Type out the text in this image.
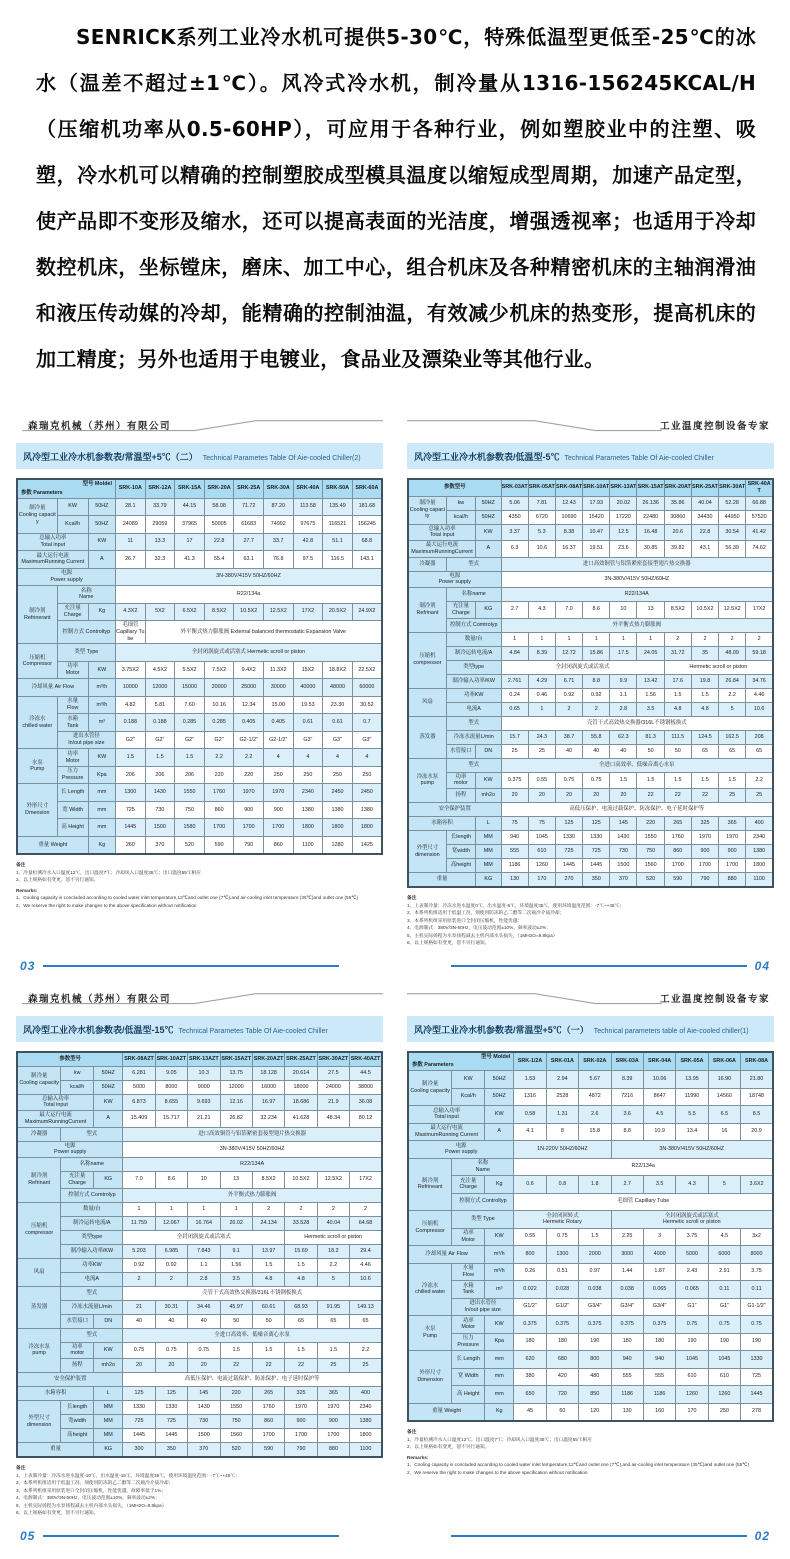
SENRICK系列工业冷水机可提供5-30℃，特殊低温型更低至-25℃的冰水（温差不超过±1℃）。风冷式冷水机，制冷量从1316-156245KCAL/H（压缩机功率从0.5-60HP），可应用于各种行业，例如塑胶业中的注塑、吸塑，冷水机可以精确的控制塑胶成型模具温度以缩短成型周期，加速产品定型，使产品即不变形及缩水，还可以提高表面的光洁度，增强透视率；也适用于冷却数控机床，坐标镗床，磨床、加工中心，组合机床及各种精密机床的主轴润滑油和液压传动媒的冷却，能精确的控制油温，有效减少机床的热变形，提高机床的加工精度；另外也适用于电镀业，食品业及漂染业等其他行业。
森瑞克机械（苏州）有限公司
风冷型工业冷水机参数表/常温型+5℃（二） Technical Parametes Table Of Aie-cooled Chiller(2)
型号 Moldel
参数 Parameters			SRK-10A	SRK-12A	SRK-15A	SRK-20A	SRK-25A	SRK-30A	SRK-40A	SRK-50A	SRK-60A
制冷量
Cooling capacity	KW	50HZ	28.1	33.79	44.15	58.08	71.72	87.20	113.58	135.49	181.68
	Kcal/h	50HZ	24089	29059	37965	50005	61683	74992	97675	116521	156245
总输入功率
Total input		KW	11	13.3	17	22.8	27.7	33.7	42.8	51.1	68.8
最大运行电流
MaximumRunning Current		A	26.7	32.3	41.3	55.4	63.1	76.8	97.5	116.5	143.1
电源
Power supply			3N-380V/415V 50HZ/60HZ								
制冷剂
Refrinerant	名称
Name		R22/134a								
	充注量
Charge	Kg	4.3X2	5X2	6.5X2	8.5X2	10.5X2	12.5X2	17X2	20.5X2	24.9X2
	控制方式 Controltyp		毛细管
Capillary Tube	外平衡式热力膨胀阀 External balanced thermostatic Expansion Valve							
压缩机
Compressor	类型 Type		全封闭涡旋式或活塞式 Hermetic scroll or piston								
	功率
Motor	KW	3.75X2	4.5X2	5.5X2	7.5X2	9.4X2	11.3X2	15X2	18.8X2	22.5X2
冷却风量 Air Flow		m³/h	10000	12000	15000	20000	25000	30000	40000	48000	60000
冷冻水
chilled water	水量
Flow	m³/h	4.82	5.81	7.60	10.16	12.34	15.00	19.53	23.30	30.52
	水箱
Tank	m³	0.188	0.188	0.285	0.285	0.405	0.405	0.61	0.61	0.7
	进出水管径
In/out pipe size		G2"	G2"	G2"	G2"	G2-1/2"	G2-1/2"	G3"	G3"	G3"
水泵
Pump	功率
Motor	KW	1.5	1.5	1.5	2.2	2.2	4	4	4	4
	压力
Pressure	Kpa	206	206	206	220	220	250	250	250	250
外形尺寸
Dmension	长 Length	mm	1300	1430	1550	1760	1970	1970	2340	2450	2450
	宽 Width	mm	725	730	750	860	900	900	1380	1380	1380
	高 Height	mm	1445	1500	1580	1700	1700	1700	1800	1800	1800
重量 Weight		Kg	260	370	520	590	790	860	1100	1280	1425
备注
1、冷量检测冷水入口温度12℃，出口温度7℃；冷却风入口温度35℃；出口温度55℃相应
2、以上规格如有变更，恕不另行通知。
Remarks:
1、Cooling capacity is concluded according to cooled water inlet temperature,12℃and outlet one (7℃),and air-cooling inlet temperature (35℃)and outlet one (55℃)
2、We reserve the right to make changes to the above specification without notification
03
工业温度控制设备专家
风冷型工业冷水机参数表/低温型-5℃ Technical Parametes Table Of Aie-cooled Chiller
参数型号			SRK-03AT	SRK-05AT	SRK-08AT	SRK-10AT	SRK-13AT	SRK-15AT	SRK-20AT	SRK-25AT	SRK-30AT	SRK-40AT
制冷量
Cooling capacity	kw	50HZ	5.06	7.81	12.43	17.93	20.02	26.136	35.86	40.04	52.28	66.88
	kcal/h	50HZ	4350	6720	10690	15420	17220	22480	30860	34430	44950	57520
总输入功率
Total input		KW	3.37	5.3	8.38	10.47	12.5	16.48	20.6	22.8	30.54	41.42
最大运行电流
MaximumRunningCurrent		A	6.3	10.6	16.37	19.51	23.6	30.85	39.82	43.1	56.39	74.62
冷凝器	型式		进口高效铜管与铝箔紧密套接型翅片热交换器									
电源
Power supply			3N-380V/415V 50HZ/60HZ									
制冷剂
Refrinant	名称name		R22/134A									
	充注量
Charge	KG	2.7	4.3	7.0	8.6	10	13	8.5X2	10.5X2	12.5X2	17X2
	控制方式 Comtrolyp		外平衡式热力膨胀阀									
压缩机
compressor	数量/台		1	1	1	1	1	1	2	2	2	2
	制冷运转电流/A		4.84	8.39	12.72	15.86	17.5	24.05	31.72	35	48.09	59.18
	类型type		全封闭涡旋式或活塞式						Hermetic scroll or piston			
	制冷输入功率/KW		2.761	4.29	6.71	8.8	9.9	13.42	17.6	19.8	26.84	34.76
风扇	功率KW		0.24	0.46	0.92	0.92	1.1	1.56	1.5	1.5	2.2	4.46
	电流A		0.65	1	2	2	2.8	3.5	4.8	4.8	5	10.6
蒸发器	型式		壳管干式高效热交换器/316L不锈钢板换式									
	冷冻水流量L/min		15.7	24.3	38.7	55.8	62.3	81.3	111.5	124.5	162.5	208
	水管接口	DN	25	25	40	40	40	50	50	65	65	65
冷冻水泵
pump	型式		全进口高效率、低噪音离心水泵									
	功率
motor	KW	0.375	0.55	0.75	0.75	1.5	1.5	1.5	1.5	1.5	2.2
	扬程	mh2o	20	20	20	20	20	22	22	22	25	25
安全保护装置			高低压保护、电流过载保护、防冻保护、电子延时保护等									
水箱容积		L	75	75	125	125	145	220	265	325	365	400
外型尺寸
dimension	长length	MM	940	1045	1330	1330	1430	1550	1760	1970	1970	2340
	宽width	MM	555	610	725	725	730	750	860	900	900	1380
	高height	MM	1186	1260	1445	1445	1500	1560	1700	1700	1700	1800
重量		KG	130	170	270	350	370	520	590	790	880	1100
备注
1、上表制冷量：冷冻水进水温度0℃，出水温度-5℃，环境温度35℃，使用环境温度范围：-7℃~+45℃；
2、本系列机组适用于低温工况，须使用防冻的乙二醇等二次载冷介质冷却；
3、本系列机组采用原装进口全封闭压缩机，性能优越；
4、电源制式：380V/3N-50Hz，电压波动范围±10%，频率波动±2%；
5、主机实际扬程为水泵扬程减去主机内部水头损失，（1MH2O=9.8kpa）
6、以上规格如有变更，恕不另行通知。
04
森瑞克机械（苏州）有限公司
风冷型工业冷水机参数表/低温型-15℃ Technical Parametes Table Of Aie-cooled Chiller
参数型号			SRK-08AZT	SRK-10AZT	SRK-13AZT	SRK-15AZT	SRK-20AZT	SRK-25AZT	SRK-30AZT	SRK-40AZT
制冷量
Cooling capacity	kw	50HZ	6.281	9.05	10.3	13.75	18.128	20.614	27.5	44.5
	kcal/h	50HZ	5000	8000	9000	12000	16000	18000	24000	38000
总输入功率
Total input		KW	6.873	8.655	9.693	12.16	16.97	18.686	21.9	36.08
最大运行电流
MaximumRunningCurrent		A	15.409	15.717	21.21	26.82	32.234	41.628	48.34	80.12
冷凝器	型式		进口高效铜管与铝箔紧密套接型翅片热交换器							
电源
Power supply			3N-380V/415V 50HZ/60HZ							
制冷剂
Refrinant	名称name		R22/134A							
	充注量
Charge	KG	7.0	8.6	10	13	8.5X2	10.5X2	12.5X2	17X2
	控制方式 Comtrolyp		外平衡式热力膨胀阀							
压缩机
compressor	数量/台		1	1	1	1	2	2	2	2
	制冷运转电流/A		11.759	12.067	16.764	20.02	24.134	33.528	40.04	64.68
	类型type		全封闭涡旋式或活塞式					Hermetic scroll or piston		
	制冷输入功率/KW		5.203	6.985	7.843	9.1	13.97	15.69	18.2	29.4
风扇	功率KW		0.92	0.92	1.1	1.56	1.5	1.5	2.2	4.46
	电流A		2	2	2.8	3.5	4.8	4.8	5	10.6
蒸发器	型式		壳管干式高效热交换器/316L不锈钢板换式							
	冷冻水流量L/min		21	30.31	34.46	45.97	60.61	68.93	91.95	149.13
	水管接口	DN	40	40	40	50	50	65	65	65
冷冻水泵
pump	型式		全进口高效率、低噪音离心水泵							
	功率
motor	KW	0.75	0.75	0.75	1.5	1.5	1.5	1.5	2.2
	扬程	mh2o	20	20	20	22	22	22	25	25
安全保护装置			高低压保护、电流过载保护、防冻保护、电子延时保护等							
水箱容积		L	125	125	145	220	265	325	365	400
外型尺寸
dimension	长length	MM	1330	1330	1430	1550	1760	1970	1970	2340
	宽width	MM	725	725	730	750	860	900	900	1380
	高height	MM	1445	1445	1500	1560	1700	1700	1700	1800
重量		KG	300	350	370	520	590	790	880	1100
备注
1、上表制冷量：冷冻水进水温度-10℃，出水温度-15℃，环境温度35℃，使用环境温度范围：-7℃~+45℃；
2、本系列机组适用于低温工况，须使用防冻的乙二醇等二次载冷介质冷却；
3、本系列机组采用原装进口全封闭压缩机，性能优越，故障率低于1%；
4、电源制式：380V/3N-50Hz，电压波动范围±10%，频率波动±2%；
5、主机实际扬程为水泵扬程减去主机内部水头损失，（1MH2O=9.8kpa）
6、以上规格如有变更，恕不另行通知。
05
工业温度控制设备专家
风冷型工业冷水机参数表/常温型+5℃（一） Technical parameters table of Aie-cooled chiller(1)
型号 Moldel
参数 Parameters			SRK-1/2A	SRK-01A	SRK-02A	SRK-03A	SRK-04A	SRK-05A	SRK-06A	SRK-08A
制冷量
Cooling capacity	KW	50HZ	1.53	2.94	5.67	8.39	10.06	13.95	16.90	21.80
	Kcal/h	50HZ	1316	2528	4872	7216	8647	11990	14560	18748
总输入功率
Total input		KW	0.58	1.31	2.6	3.6	4.5	5.5	6.5	8.5
最大运行电流
MaximumRunning Current		A	4.1	8	15.8	8.8	10.9	13.4	16	20.9
电源
Power supply			1N-220V 50HZ/60HZ			3N-380V/415V 50HZ/60HZ				
制冷剂
Refrineant	名称
Name		R22/134a							
	充注量
Charge	Kg	0.6	0.8	1.8	2.7	3.5	4.3	5	3.6X2
	控制方式 Controltyp		毛细管 Capillary Tube							
压缩机
Compressor	类型 Type		全封闭回转式
Hermetic Rotary			全封闭涡旋式或活塞式
Hermetic scroll or piston				
	功率
Motor	KW	0.55	0.75	1.5	2.25	3	3.75	4.5	3x2
冷却风量 Air Flow		m³/h	800	1300	2000	3000	4000	5000	6000	8000
冷冻水
chilled water	水量
Flow	m³/h	0.26	0.51	0.97	1.44	1.87	2.43	2.91	3.75
	水箱
Tank	m³	0.022	0.028	0.038	0.038	0.065	0.065	0.11	0.11
	进出水管径
In/out pipe size		G1/2"	G1/2"	G3/4"	G3/4"	G3/4"	G1"	G1"	G1-1/2"
水泵
Pump	功率
Motor	KW	0.375	0.375	0.375	0.375	0.375	0.75	0.75	0.75
	压力
Pressure	Kpa	180	180	190	180	180	190	190	190
外形尺寸
Dimension	长 Length	mm	620	680	800	940	940	1045	1045	1330
	宽 Width	mm	380	420	480	555	555	610	610	725
	高 Height	mm	650	720	850	1186	1186	1260	1260	1445
重量 Weight		Kg	45	60	120	130	160	170	250	278
备注
1、冷量检测冷水入口温度12℃，出口温度7℃；冷却风入口温度35℃；出口温度55℃相应
2、以上规格如有变更，恕不另行通知。
Remarks:
1、Cooling capacity is concluded according to cooled water inlet temperature,12℃and outlet one (7℃),and air-cooling inlet temperature (35℃)and outlet one (55℃)
2、We reserve the right to make changes to the above specification without notification
02
